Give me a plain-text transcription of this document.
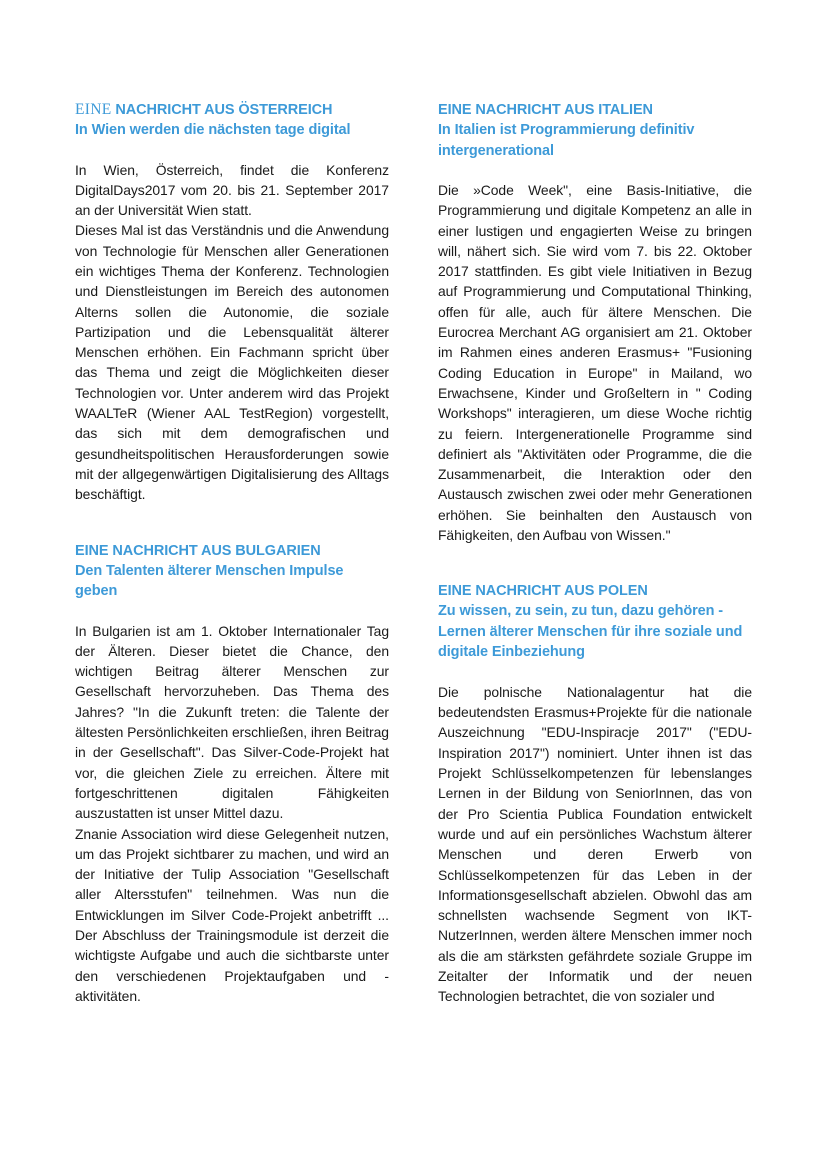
EINE NACHRICHT AUS ÖSTERREICH

In Wien werden die nächsten tage digital

In Wien, Österreich, findet die Konferenz DigitalDays2017 vom 20. bis 21. September 2017 an der Universität Wien statt.

Dieses Mal ist das Verständnis und die Anwendung von Technologie für Menschen aller Generationen ein wichtiges Thema der Konferenz. Technologien und Dienstleistungen im Bereich des autonomen Alterns sollen die Autonomie, die soziale Partizipation und die Lebensqualität älterer Menschen erhöhen. Ein Fachmann spricht über das Thema und zeigt die Möglichkeiten dieser Technologien vor. Unter anderem wird das Projekt WAALTeR (Wiener AAL TestRegion) vorgestellt, das sich mit dem demografischen und gesundheitspolitischen Herausforderungen sowie mit der allgegenwärtigen Digitalisierung des Alltags beschäftigt.

EINE NACHRICHT AUS BULGARIEN

Den Talenten älterer Menschen Impulse geben

In Bulgarien ist am 1. Oktober Internationaler Tag der Älteren. Dieser bietet die Chance, den wichtigen Beitrag älterer Menschen zur Gesellschaft hervorzuheben. Das Thema des Jahres? "In die Zukunft treten: die Talente der ältesten Persönlichkeiten erschließen, ihren Beitrag in der Gesellschaft". Das Silver-Code-Projekt hat vor, die gleichen Ziele zu erreichen. Ältere mit fortgeschrittenen digitalen Fähigkeiten auszustatten ist unser Mittel dazu.

Znanie Association wird diese Gelegenheit nutzen, um das Projekt sichtbarer zu machen, und wird an der Initiative der Tulip Association "Gesellschaft aller Altersstufen" teilnehmen. Was nun die Entwicklungen im Silver Code-Projekt anbetrifft ... Der Abschluss der Trainingsmodule ist derzeit die wichtigste Aufgabe und auch die sichtbarste unter den verschiedenen Projektaufgaben und -aktivitäten.

EINE NACHRICHT AUS ITALIEN

In Italien ist Programmierung definitiv intergenerational

Die »Code Week", eine Basis-Initiative, die Programmierung und digitale Kompetenz an alle in einer lustigen und engagierten Weise zu bringen will, nähert sich. Sie wird vom 7. bis 22. Oktober 2017 stattfinden. Es gibt viele Initiativen in Bezug auf Programmierung und Computational Thinking, offen für alle, auch für ältere Menschen. Die Eurocrea Merchant AG organisiert am 21. Oktober im Rahmen eines anderen Erasmus+ "Fusioning Coding Education in Europe" in Mailand, wo Erwachsene, Kinder und Großeltern in " Coding Workshops" interagieren, um diese Woche richtig zu feiern. Intergenerationelle Programme sind definiert als "Aktivitäten oder Programme, die die Zusammenarbeit, die Interaktion oder den Austausch zwischen zwei oder mehr Generationen erhöhen. Sie beinhalten den Austausch von Fähigkeiten, den Aufbau von Wissen."

EINE NACHRICHT AUS POLEN

Zu wissen, zu sein, zu tun, dazu gehören - Lernen älterer Menschen für ihre soziale und digitale Einbeziehung

Die polnische Nationalagentur hat die bedeutendsten Erasmus+Projekte für die nationale Auszeichnung "EDU-Inspiracje 2017" ("EDU-Inspiration 2017") nominiert. Unter ihnen ist das Projekt Schlüsselkompetenzen für lebenslanges Lernen in der Bildung von SeniorInnen, das von der Pro Scientia Publica Foundation entwickelt wurde und auf ein persönliches Wachstum älterer Menschen und deren Erwerb von Schlüsselkompetenzen für das Leben in der Informationsgesellschaft abzielen. Obwohl das am schnellsten wachsende Segment von IKT-NutzerInnen, werden ältere Menschen immer noch als die am stärksten gefährdete soziale Gruppe im Zeitalter der Informatik und der neuen Technologien betrachtet, die von sozialer und
